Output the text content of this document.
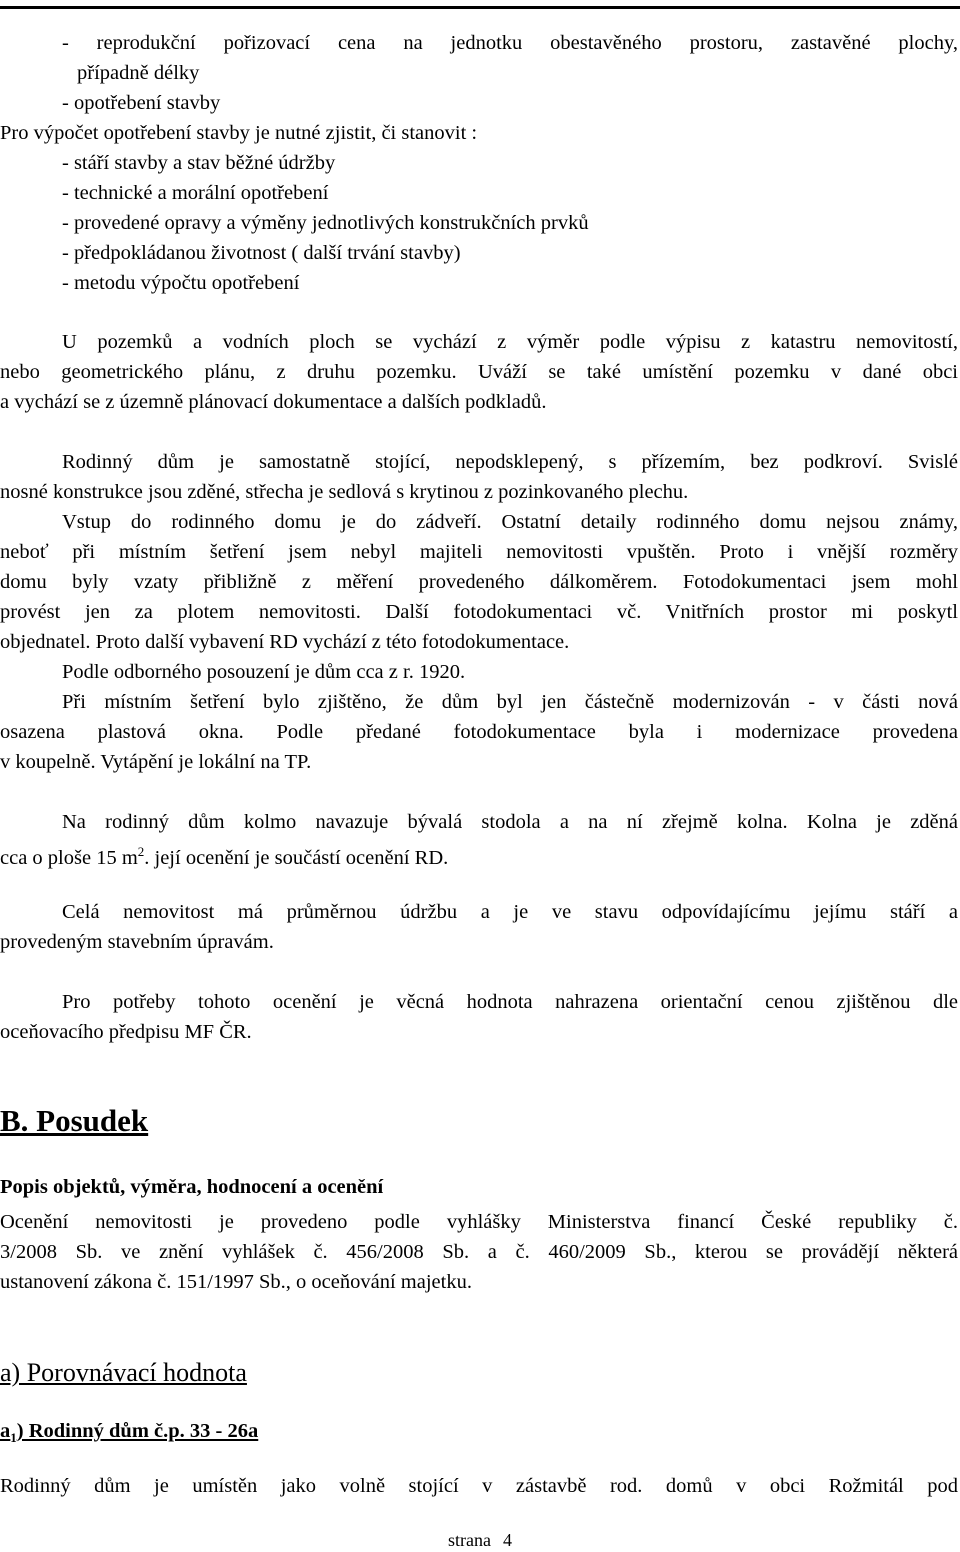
- reprodukční pořizovací cena na jednotku obestavěného prostoru, zastavěné plochy,
případně délky
- opotřebení stavby
Pro výpočet opotřebení stavby je nutné zjistit, či stanovit :
- stáří stavby a stav běžné údržby
- technické a morální opotřebení
- provedené opravy a výměny jednotlivých konstrukčních prvků
- předpokládanou životnost ( další trvání stavby)
- metodu výpočtu opotřebení
U pozemků a vodních ploch se vychází z výměr podle výpisu z katastru nemovitostí,
nebo geometrického plánu, z druhu pozemku. Uváží se také umístění pozemku v dané obci
a vychází se z územně plánovací dokumentace a dalších podkladů.
Rodinný dům je samostatně stojící, nepodsklepený, s přízemím, bez podkroví. Svislé
nosné konstrukce jsou zděné, střecha je sedlová s krytinou z pozinkovaného plechu.
Vstup do rodinného domu je do zádveří. Ostatní detaily rodinného domu nejsou známy,
neboť při místním šetření jsem nebyl majiteli nemovitosti vpuštěn. Proto i vnější rozměry
domu byly vzaty přibližně z měření provedeného dálkoměrem. Fotodokumentaci jsem mohl
provést jen za plotem nemovitosti. Další fotodokumentaci vč. Vnitřních prostor mi poskytl
objednatel. Proto další vybavení RD vychází z této fotodokumentace.
Podle odborného posouzení je dům cca z r. 1920.
Při místním šetření bylo zjištěno, že dům byl jen částečně modernizován - v části nová
osazena plastová okna. Podle předané fotodokumentace byla i modernizace provedena
v koupelně. Vytápění je lokální na TP.
Na rodinný dům kolmo navazuje bývalá stodola a na ní zřejmě kolna. Kolna je zděná
cca o ploše 15 $m^2$. její ocenění je součástí ocenění RD.
Celá nemovitost má průměrnou údržbu a je ve stavu odpovídajícímu jejímu stáří a
provedeným stavebním úpravám.
Pro potřeby tohoto ocenění je věcná hodnota nahrazena orientační cenou zjištěnou dle
oceňovacího předpisu MF ČR.
B. Posudek
Popis objektů, výměra, hodnocení a ocenění
Ocenění nemovitosti je provedeno podle vyhlášky Ministerstva financí České republiky č.
3/2008 Sb. ve znění vyhlášek č. 456/2008 Sb. a č. 460/2009 Sb., kterou se provádějí některá
ustanovení zákona č. 151/1997 Sb., o oceňování majetku.
a) Porovnávací hodnota
$a_1$) Rodinný dům č.p. 33 - 26a
Rodinný dům je umístěn jako volně stojící v zástavbě rod. domů v obci Rožmitál pod
strana 4
